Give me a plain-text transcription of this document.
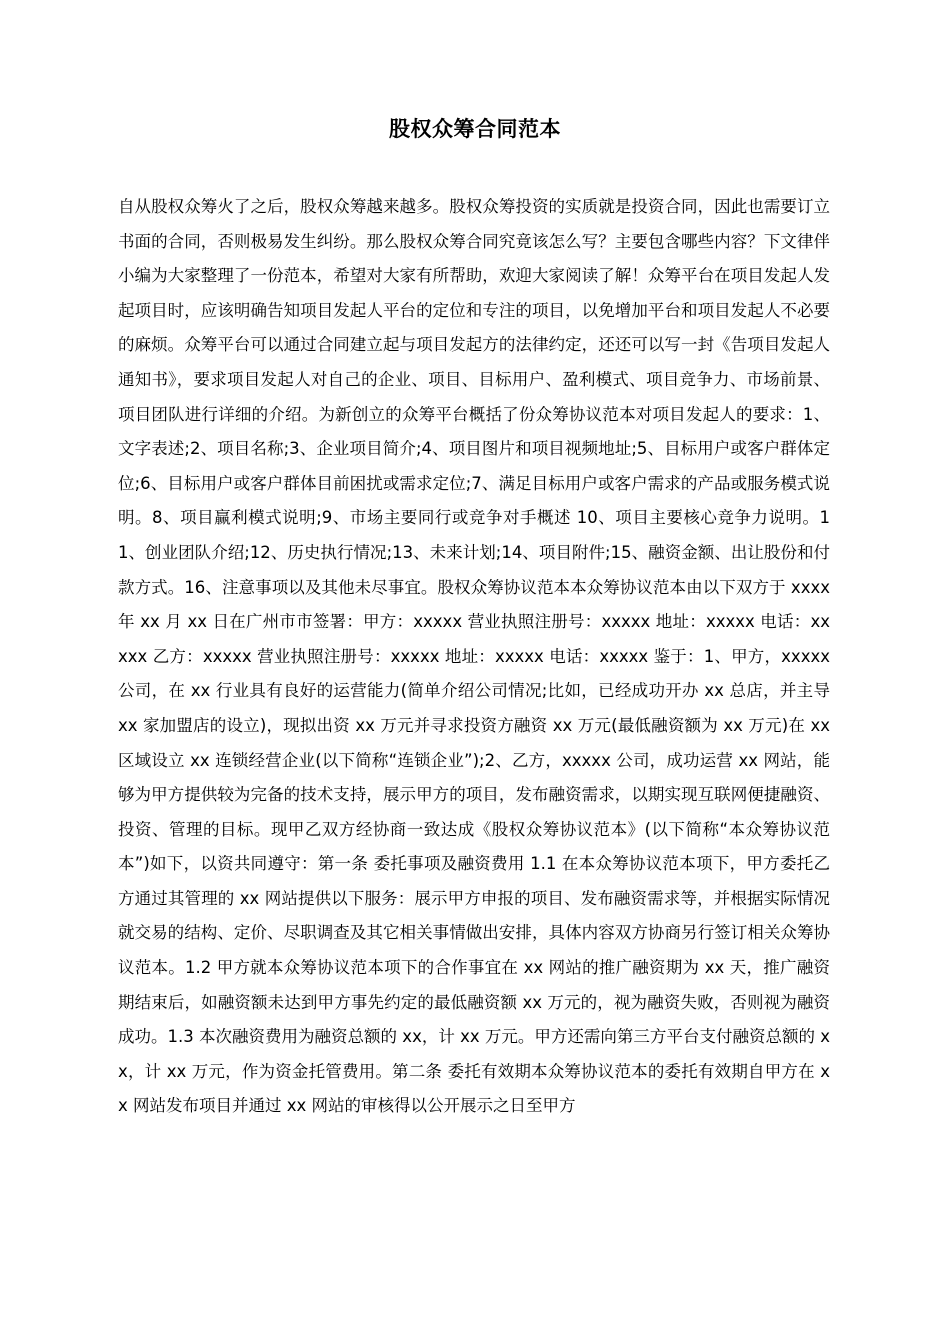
股权众筹合同范本

自从股权众筹火了之后，股权众筹越来越多。股权众筹投资的实质就是投资合同，因此也需要订立书面的合同，否则极易发生纠纷。那么股权众筹合同究竟该怎么写？主要包含哪些内容？下文律伴小编为大家整理了一份范本，希望对大家有所帮助，欢迎大家阅读了解！众筹平台在项目发起人发起项目时，应该明确告知项目发起人平台的定位和专注的项目，以免增加平台和项目发起人不必要的麻烦。众筹平台可以通过合同建立起与项目发起方的法律约定，还还可以写一封《告项目发起人通知书》，要求项目发起人对自己的企业、项目、目标用户、盈利模式、项目竞争力、市场前景、项目团队进行详细的介绍。为新创立的众筹平台概括了份众筹协议范本对项目发起人的要求：1、文字表述;2、项目名称;3、企业项目简介;4、项目图片和项目视频地址;5、目标用户或客户群体定位;6、目标用户或客户群体目前困扰或需求定位;7、满足目标用户或客户需求的产品或服务模式说明。8、项目赢利模式说明;9、市场主要同行或竞争对手概述 10、项目主要核心竞争力说明。11、创业团队介绍;12、历史执行情况;13、未来计划;14、项目附件;15、融资金额、出让股份和付款方式。16、注意事项以及其他未尽事宜。股权众筹协议范本本众筹协议范本由以下双方于 xxxx 年 xx 月 xx 日在广州市市签署：甲方：xxxxx 营业执照注册号：xxxxx 地址：xxxxx 电话：xxxxx 乙方：xxxxx 营业执照注册号：xxxxx 地址：xxxxx 电话：xxxxx 鉴于：1、甲方，xxxxx 公司，在 xx 行业具有良好的运营能力(简单介绍公司情况;比如，已经成功开办 xx 总店，并主导 xx 家加盟店的设立)，现拟出资 xx 万元并寻求投资方融资 xx 万元(最低融资额为 xx 万元)在 xx 区域设立 xx 连锁经营企业(以下简称“连锁企业”);2、乙方，xxxxx 公司，成功运营 xx 网站，能够为甲方提供较为完备的技术支持，展示甲方的项目，发布融资需求，以期实现互联网便捷融资、投资、管理的目标。现甲乙双方经协商一致达成《股权众筹协议范本》(以下简称“本众筹协议范本”)如下，以资共同遵守：第一条 委托事项及融资费用 1.1 在本众筹协议范本项下，甲方委托乙方通过其管理的 xx 网站提供以下服务：展示甲方申报的项目、发布融资需求等，并根据实际情况就交易的结构、定价、尽职调查及其它相关事情做出安排，具体内容双方协商另行签订相关众筹协议范本。1.2 甲方就本众筹协议范本项下的合作事宜在 xx 网站的推广融资期为 xx 天，推广融资期结束后，如融资额未达到甲方事先约定的最低融资额 xx 万元的，视为融资失败，否则视为融资成功。1.3 本次融资费用为融资总额的 xx，计 xx 万元。甲方还需向第三方平台支付融资总额的 xx，计 xx 万元，作为资金托管费用。第二条 委托有效期本众筹协议范本的委托有效期自甲方在 xx 网站发布项目并通过 xx 网站的审核得以公开展示之日至甲方
